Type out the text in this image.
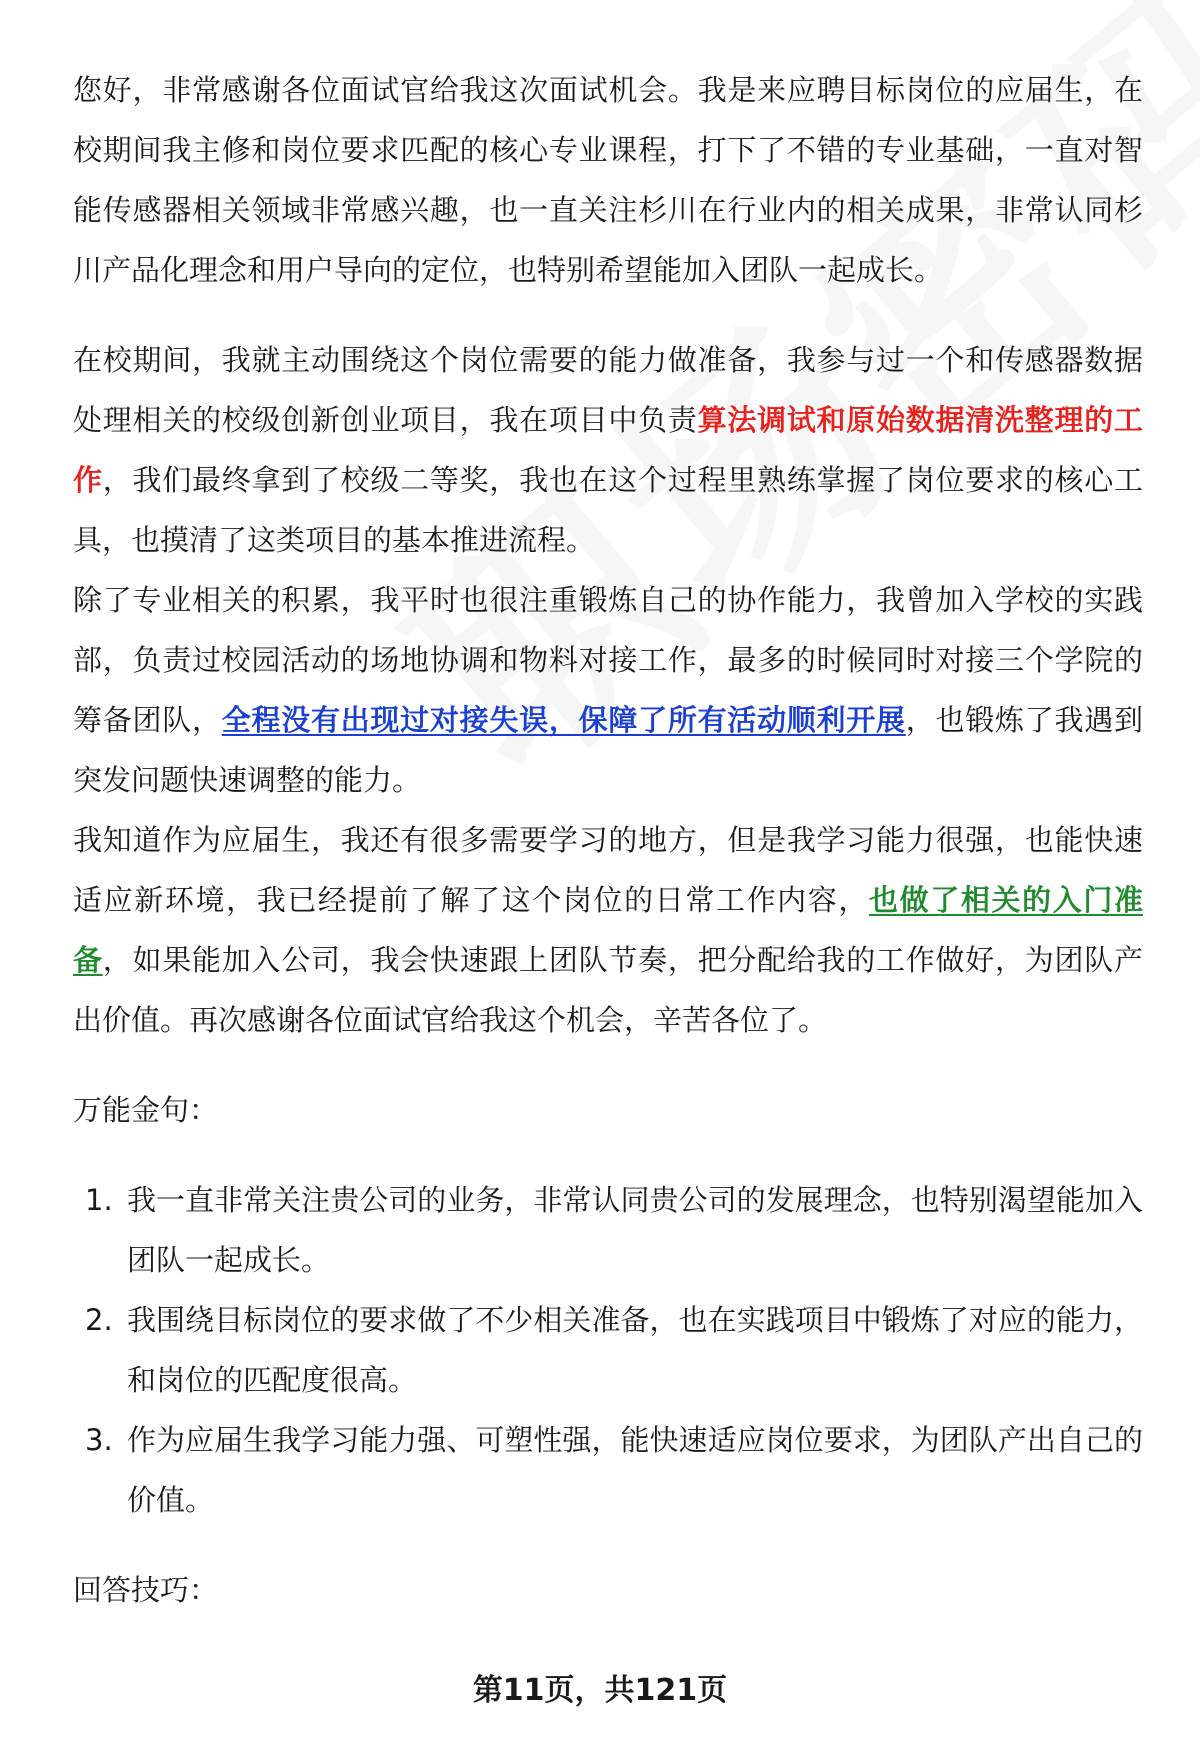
您好，非常感谢各位面试官给我这次面试机会。我是来应聘目标岗位的应届生，在校期间我主修和岗位要求匹配的核心专业课程，打下了不错的专业基础，一直对智能传感器相关领域非常感兴趣，也一直关注杉川在行业内的相关成果，非常认同杉川产品化理念和用户导向的定位，也特别希望能加入团队一起成长。

在校期间，我就主动围绕这个岗位需要的能力做准备，我参与过一个和传感器数据处理相关的校级创新创业项目，我在项目中负责算法调试和原始数据清洗整理的工作，我们最终拿到了校级二等奖，我也在这个过程里熟练掌握了岗位要求的核心工具，也摸清了这类项目的基本推进流程。

除了专业相关的积累，我平时也很注重锻炼自己的协作能力，我曾加入学校的实践部，负责过校园活动的场地协调和物料对接工作，最多的时候同时对接三个学院的筹备团队，全程没有出现过对接失误，保障了所有活动顺利开展，也锻炼了我遇到突发问题快速调整的能力。

我知道作为应届生，我还有很多需要学习的地方，但是我学习能力很强，也能快速适应新环境，我已经提前了解了这个岗位的日常工作内容，也做了相关的入门准备，如果能加入公司，我会快速跟上团队节奏，把分配给我的工作做好，为团队产出价值。再次感谢各位面试官给我这个机会，辛苦各位了。

万能金句：

1. 我一直非常关注贵公司的业务，非常认同贵公司的发展理念，也特别渴望能加入团队一起成长。
2. 我围绕目标岗位的要求做了不少相关准备，也在实践项目中锻炼了对应的能力，和岗位的匹配度很高。
3. 作为应届生我学习能力强、可塑性强，能快速适应岗位要求，为团队产出自己的价值。

回答技巧：

第11页，共121页
